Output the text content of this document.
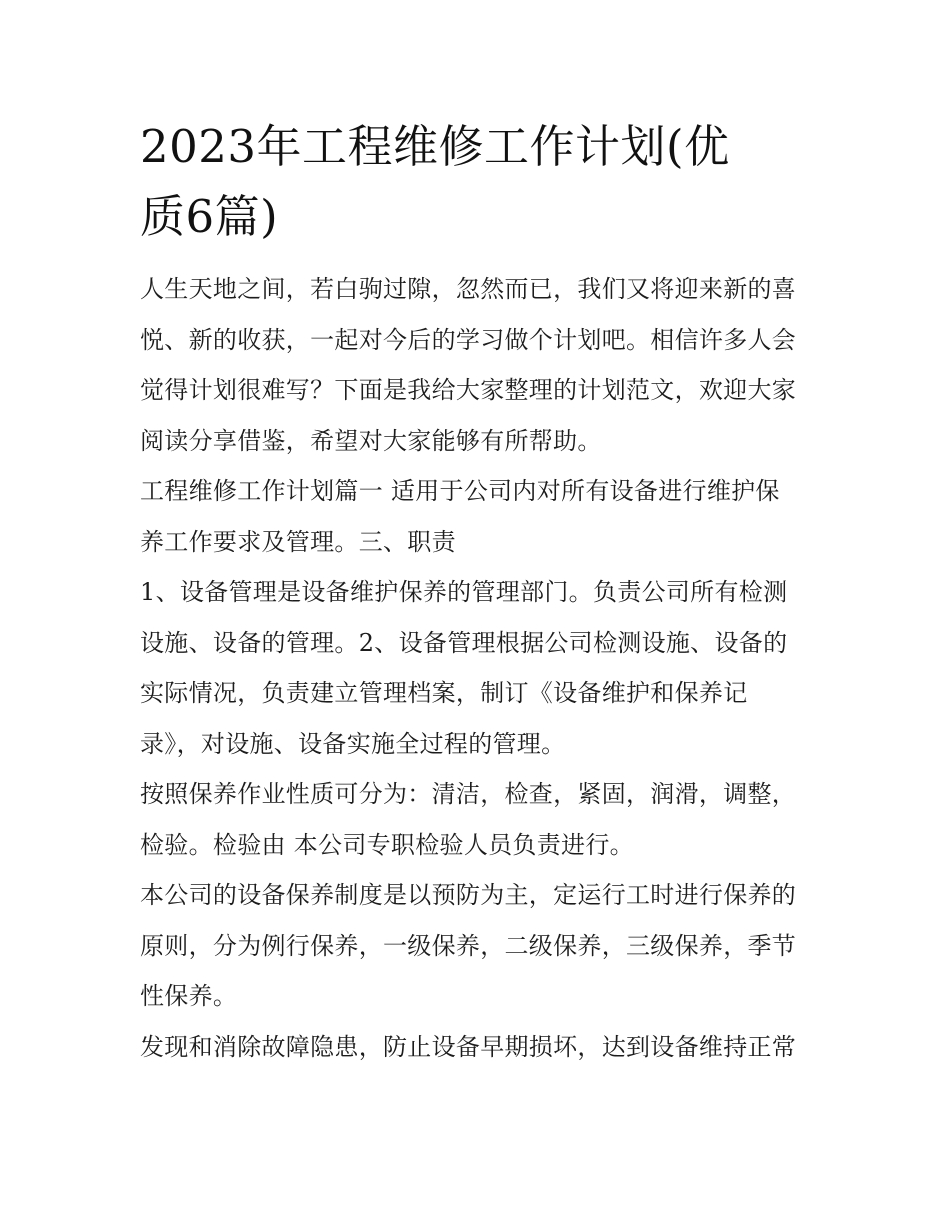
2023年工程维修工作计划(优
质6篇)

人生天地之间，若白驹过隙，忽然而已，我们又将迎来新的喜
悦、新的收获，一起对今后的学习做个计划吧。相信许多人会
觉得计划很难写？下面是我给大家整理的计划范文，欢迎大家
阅读分享借鉴，希望对大家能够有所帮助。

工程维修工作计划篇一 适用于公司内对所有设备进行维护保
养工作要求及管理。三、职责

1、设备管理是设备维护保养的管理部门。负责公司所有检测
设施、设备的管理。2、设备管理根据公司检测设施、设备的
实际情况，负责建立管理档案，制订《设备维护和保养记
录》，对设施、设备实施全过程的管理。

按照保养作业性质可分为：清洁，检查，紧固，润滑，调整，
检验。检验由 本公司专职检验人员负责进行。

本公司的设备保养制度是以预防为主，定运行工时进行保养的
原则，分为例行保养，一级保养，二级保养，三级保养，季节
性保养。

发现和消除故障隐患，防止设备早期损坏，达到设备维持正常
